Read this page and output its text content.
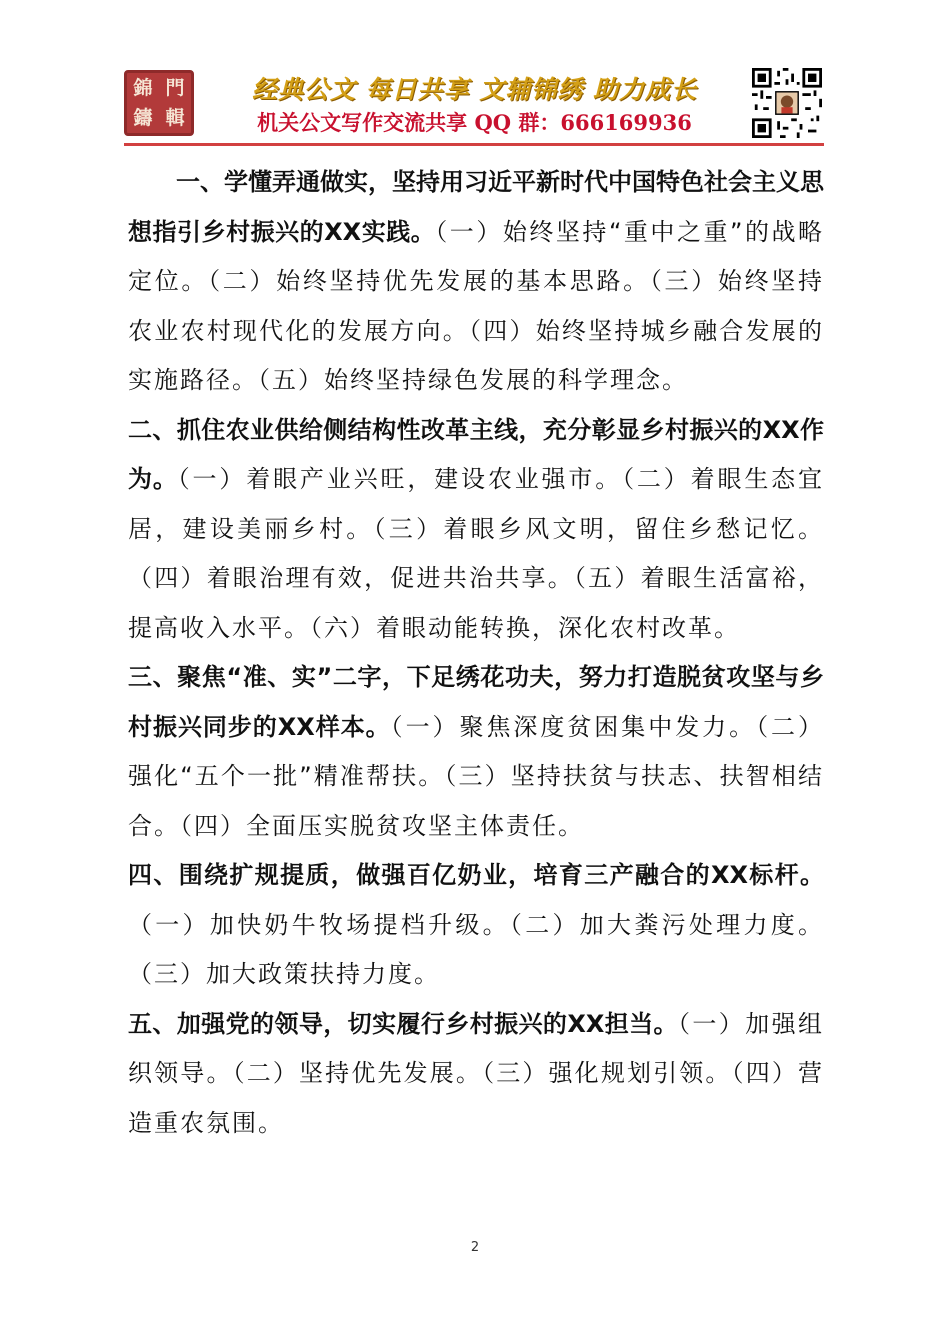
錦 門
鑄 輯
经典公文 每日共享 文辅锦绣 助力成长
机关公文写作交流共享 QQ 群：666169936

一、学懂弄通做实，坚持用习近平新时代中国特色社会主义思想指引乡村振兴的XX实践。（一）始终坚持“重中之重”的战略定位。（二）始终坚持优先发展的基本思路。（三）始终坚持农业农村现代化的发展方向。（四）始终坚持城乡融合发展的实施路径。（五）始终坚持绿色发展的科学理念。

二、抓住农业供给侧结构性改革主线，充分彰显乡村振兴的XX作为。（一）着眼产业兴旺，建设农业强市。（二）着眼生态宜居，建设美丽乡村。（三）着眼乡风文明，留住乡愁记忆。（四）着眼治理有效，促进共治共享。（五）着眼生活富裕，提高收入水平。（六）着眼动能转换，深化农村改革。

三、聚焦“准、实”二字，下足绣花功夫，努力打造脱贫攻坚与乡村振兴同步的XX样本。（一）聚焦深度贫困集中发力。（二）强化“五个一批”精准帮扶。（三）坚持扶贫与扶志、扶智相结合。（四）全面压实脱贫攻坚主体责任。

四、围绕扩规提质，做强百亿奶业，培育三产融合的XX标杆。（一）加快奶牛牧场提档升级。（二）加大粪污处理力度。（三）加大政策扶持力度。

五、加强党的领导，切实履行乡村振兴的XX担当。（一）加强组织领导。（二）坚持优先发展。（三）强化规划引领。（四）营造重农氛围。

2
